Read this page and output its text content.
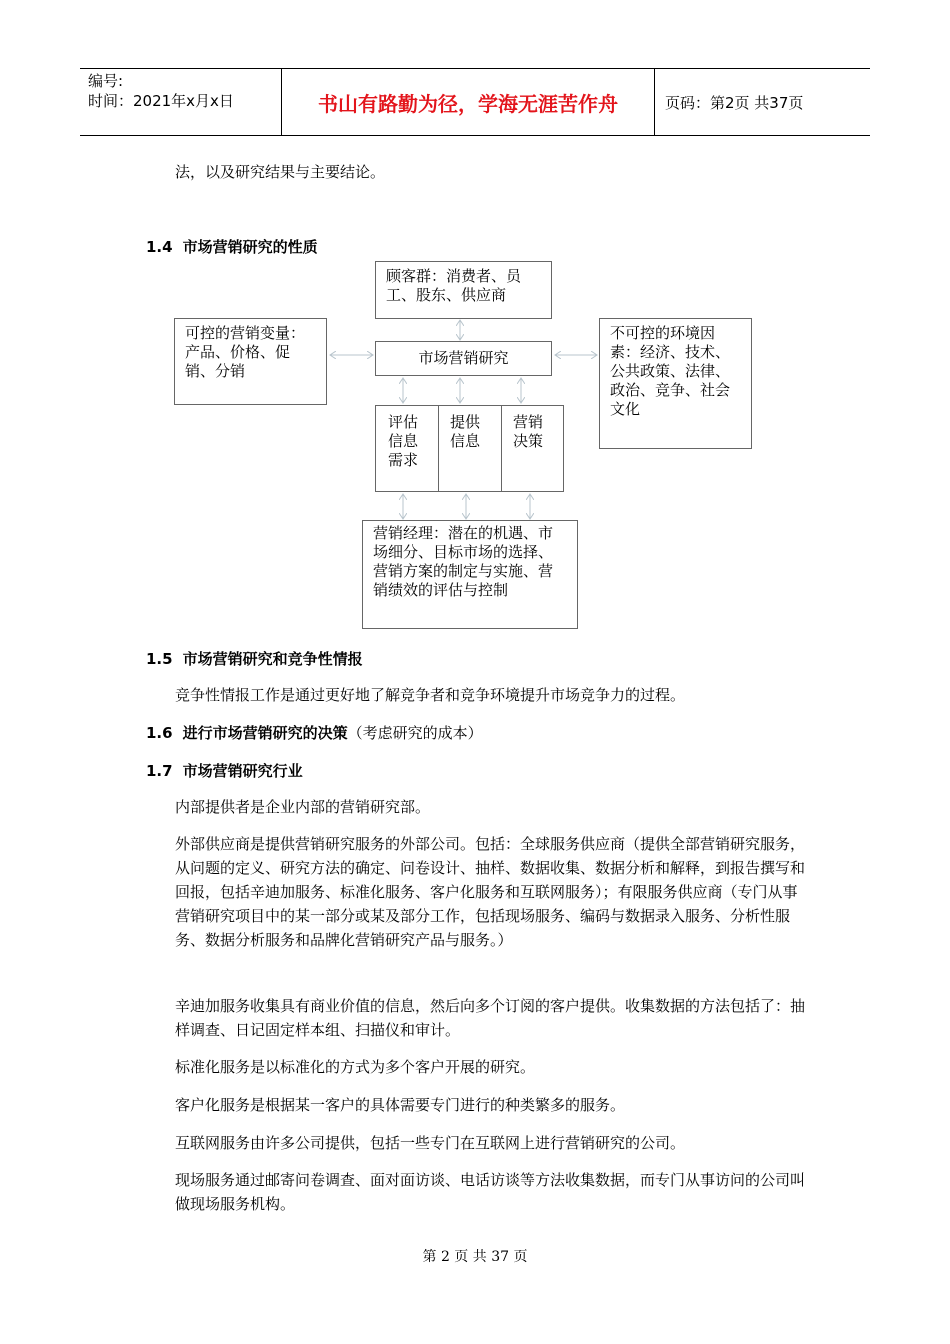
编号:
时间：2021年x月x日	书山有路勤为径，学海无涯苦作舟	页码：第2页 共37页

法，以及研究结果与主要结论。

1.4 市场营销研究的性质
顾客群：消费者、员工、股东、供应商
可控的营销变量：产品、价格、促销、分销
市场营销研究
不可控的环境因素：经济、技术、公共政策、法律、政治、竞争、社会文化
评估信息需求
提供信息
营销决策
营销经理：潜在的机遇、市场细分、目标市场的选择、营销方案的制定与实施、营销绩效的评估与控制
1.5 市场营销研究和竞争性情报

竞争性情报工作是通过更好地了解竞争者和竞争环境提升市场竞争力的过程。

1.6 进行市场营销研究的决策（考虑研究的成本）
1.7 市场营销研究行业

内部提供者是企业内部的营销研究部。

外部供应商是提供营销研究服务的外部公司。包括：全球服务供应商（提供全部营销研究服务，从问题的定义、研究方法的确定、问卷设计、抽样、数据收集、数据分析和解释，到报告撰写和回报，包括辛迪加服务、标准化服务、客户化服务和互联网服务）；有限服务供应商（专门从事营销研究项目中的某一部分或某及部分工作，包括现场服务、编码与数据录入服务、分析性服务、数据分析服务和品牌化营销研究产品与服务。）

辛迪加服务收集具有商业价值的信息，然后向多个订阅的客户提供。收集数据的方法包括了：抽样调查、日记固定样本组、扫描仪和审计。

标准化服务是以标准化的方式为多个客户开展的研究。

客户化服务是根据某一客户的具体需要专门进行的种类繁多的服务。

互联网服务由许多公司提供，包括一些专门在互联网上进行营销研究的公司。

现场服务通过邮寄问卷调查、面对面访谈、电话访谈等方法收集数据，而专门从事访问的公司叫做现场服务机构。

第 2 页 共 37 页
